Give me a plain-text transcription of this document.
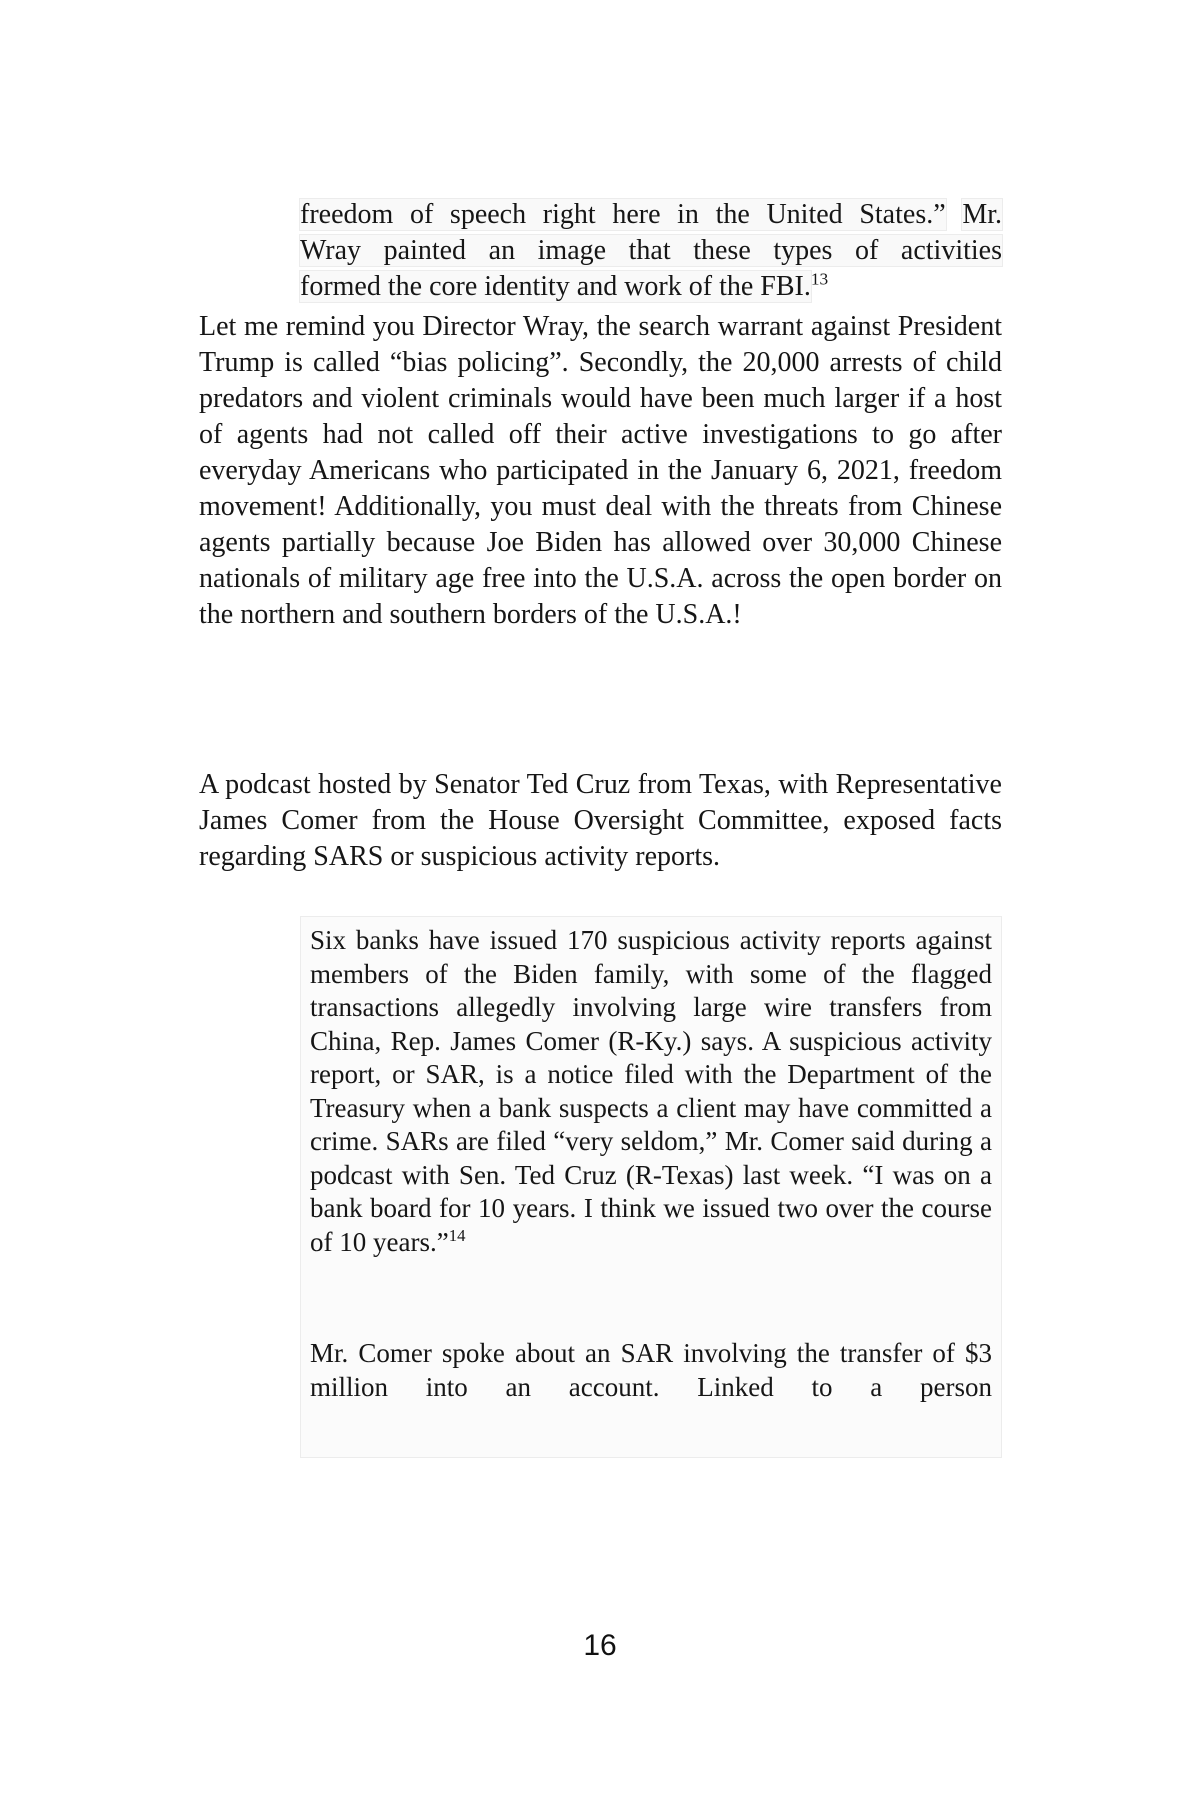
freedom of speech right here in the United States.” Mr.
Wray painted an image that these types of activities
formed the core identity and work of the FBI.$^{13}$

Let me remind you Director Wray, the search warrant against President Trump is called “bias policing”. Secondly, the 20,000 arrests of child predators and violent criminals would have been much larger if a host of agents had not called off their active investigations to go after everyday Americans who participated in the January 6, 2021, freedom movement! Additionally, you must deal with the threats from Chinese agents partially because Joe Biden has allowed over 30,000 Chinese nationals of military age free into the U.S.A. across the open border on the northern and southern borders of the U.S.A.!

A podcast hosted by Senator Ted Cruz from Texas, with Representative James Comer from the House Oversight Committee, exposed facts regarding SARS or suspicious activity reports.

Six banks have issued 170 suspicious activity reports against members of the Biden family, with some of the flagged transactions allegedly involving large wire transfers from China, Rep. James Comer (R-Ky.) says. A suspicious activity report, or SAR, is a notice filed with the Department of the Treasury when a bank suspects a client may have committed a crime. SARs are filed “very seldom,” Mr. Comer said during a podcast with Sen. Ted Cruz (R-Texas) last week. “I was on a bank board for 10 years. I think we issued two over the course of 10 years.”$^{14}$

Mr. Comer spoke about an SAR involving the transfer of $3 million into an account. Linked to a person

16
